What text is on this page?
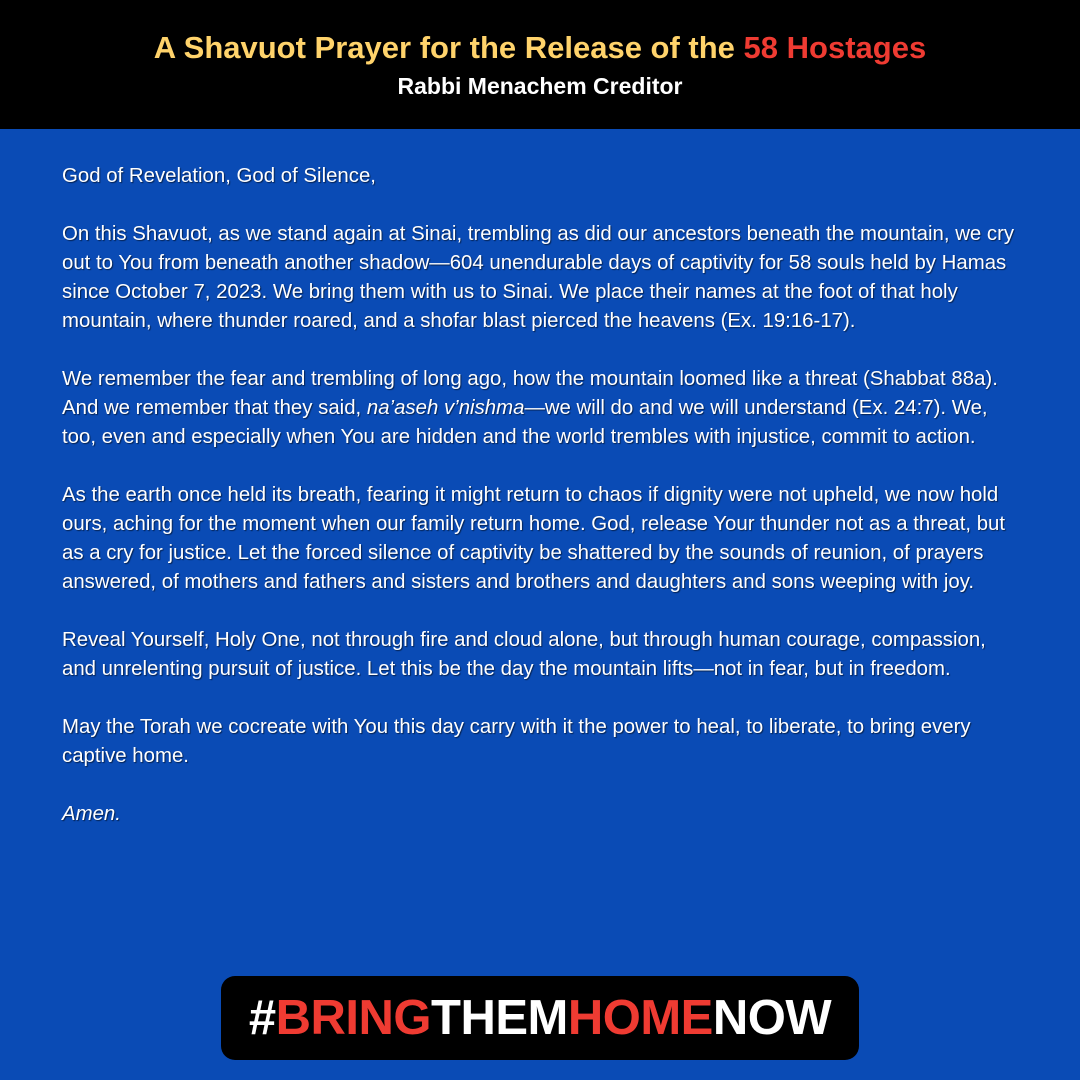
A Shavuot Prayer for the Release of the 58 Hostages
Rabbi Menachem Creditor

God of Revelation, God of Silence,

On this Shavuot, as we stand again at Sinai, trembling as did our ancestors beneath the mountain, we cry out to You from beneath another shadow—604 unendurable days of captivity for 58 souls held by Hamas since October 7, 2023. We bring them with us to Sinai. We place their names at the foot of that holy mountain, where thunder roared, and a shofar blast pierced the heavens (Ex. 19:16-17).

We remember the fear and trembling of long ago, how the mountain loomed like a threat (Shabbat 88a). And we remember that they said, na’aseh v’nishma—we will do and we will understand (Ex. 24:7). We, too, even and especially when You are hidden and the world trembles with injustice, commit to action.

As the earth once held its breath, fearing it might return to chaos if dignity were not upheld, we now hold ours, aching for the moment when our family return home. God, release Your thunder not as a threat, but as a cry for justice. Let the forced silence of captivity be shattered by the sounds of reunion, of prayers answered, of mothers and fathers and sisters and brothers and daughters and sons weeping with joy.

Reveal Yourself, Holy One, not through fire and cloud alone, but through human courage, compassion, and unrelenting pursuit of justice. Let this be the day the mountain lifts—not in fear, but in freedom.

May the Torah we cocreate with You this day carry with it the power to heal, to liberate, to bring every captive home.

Amen.

#BRINGTHEMHOMENOW
